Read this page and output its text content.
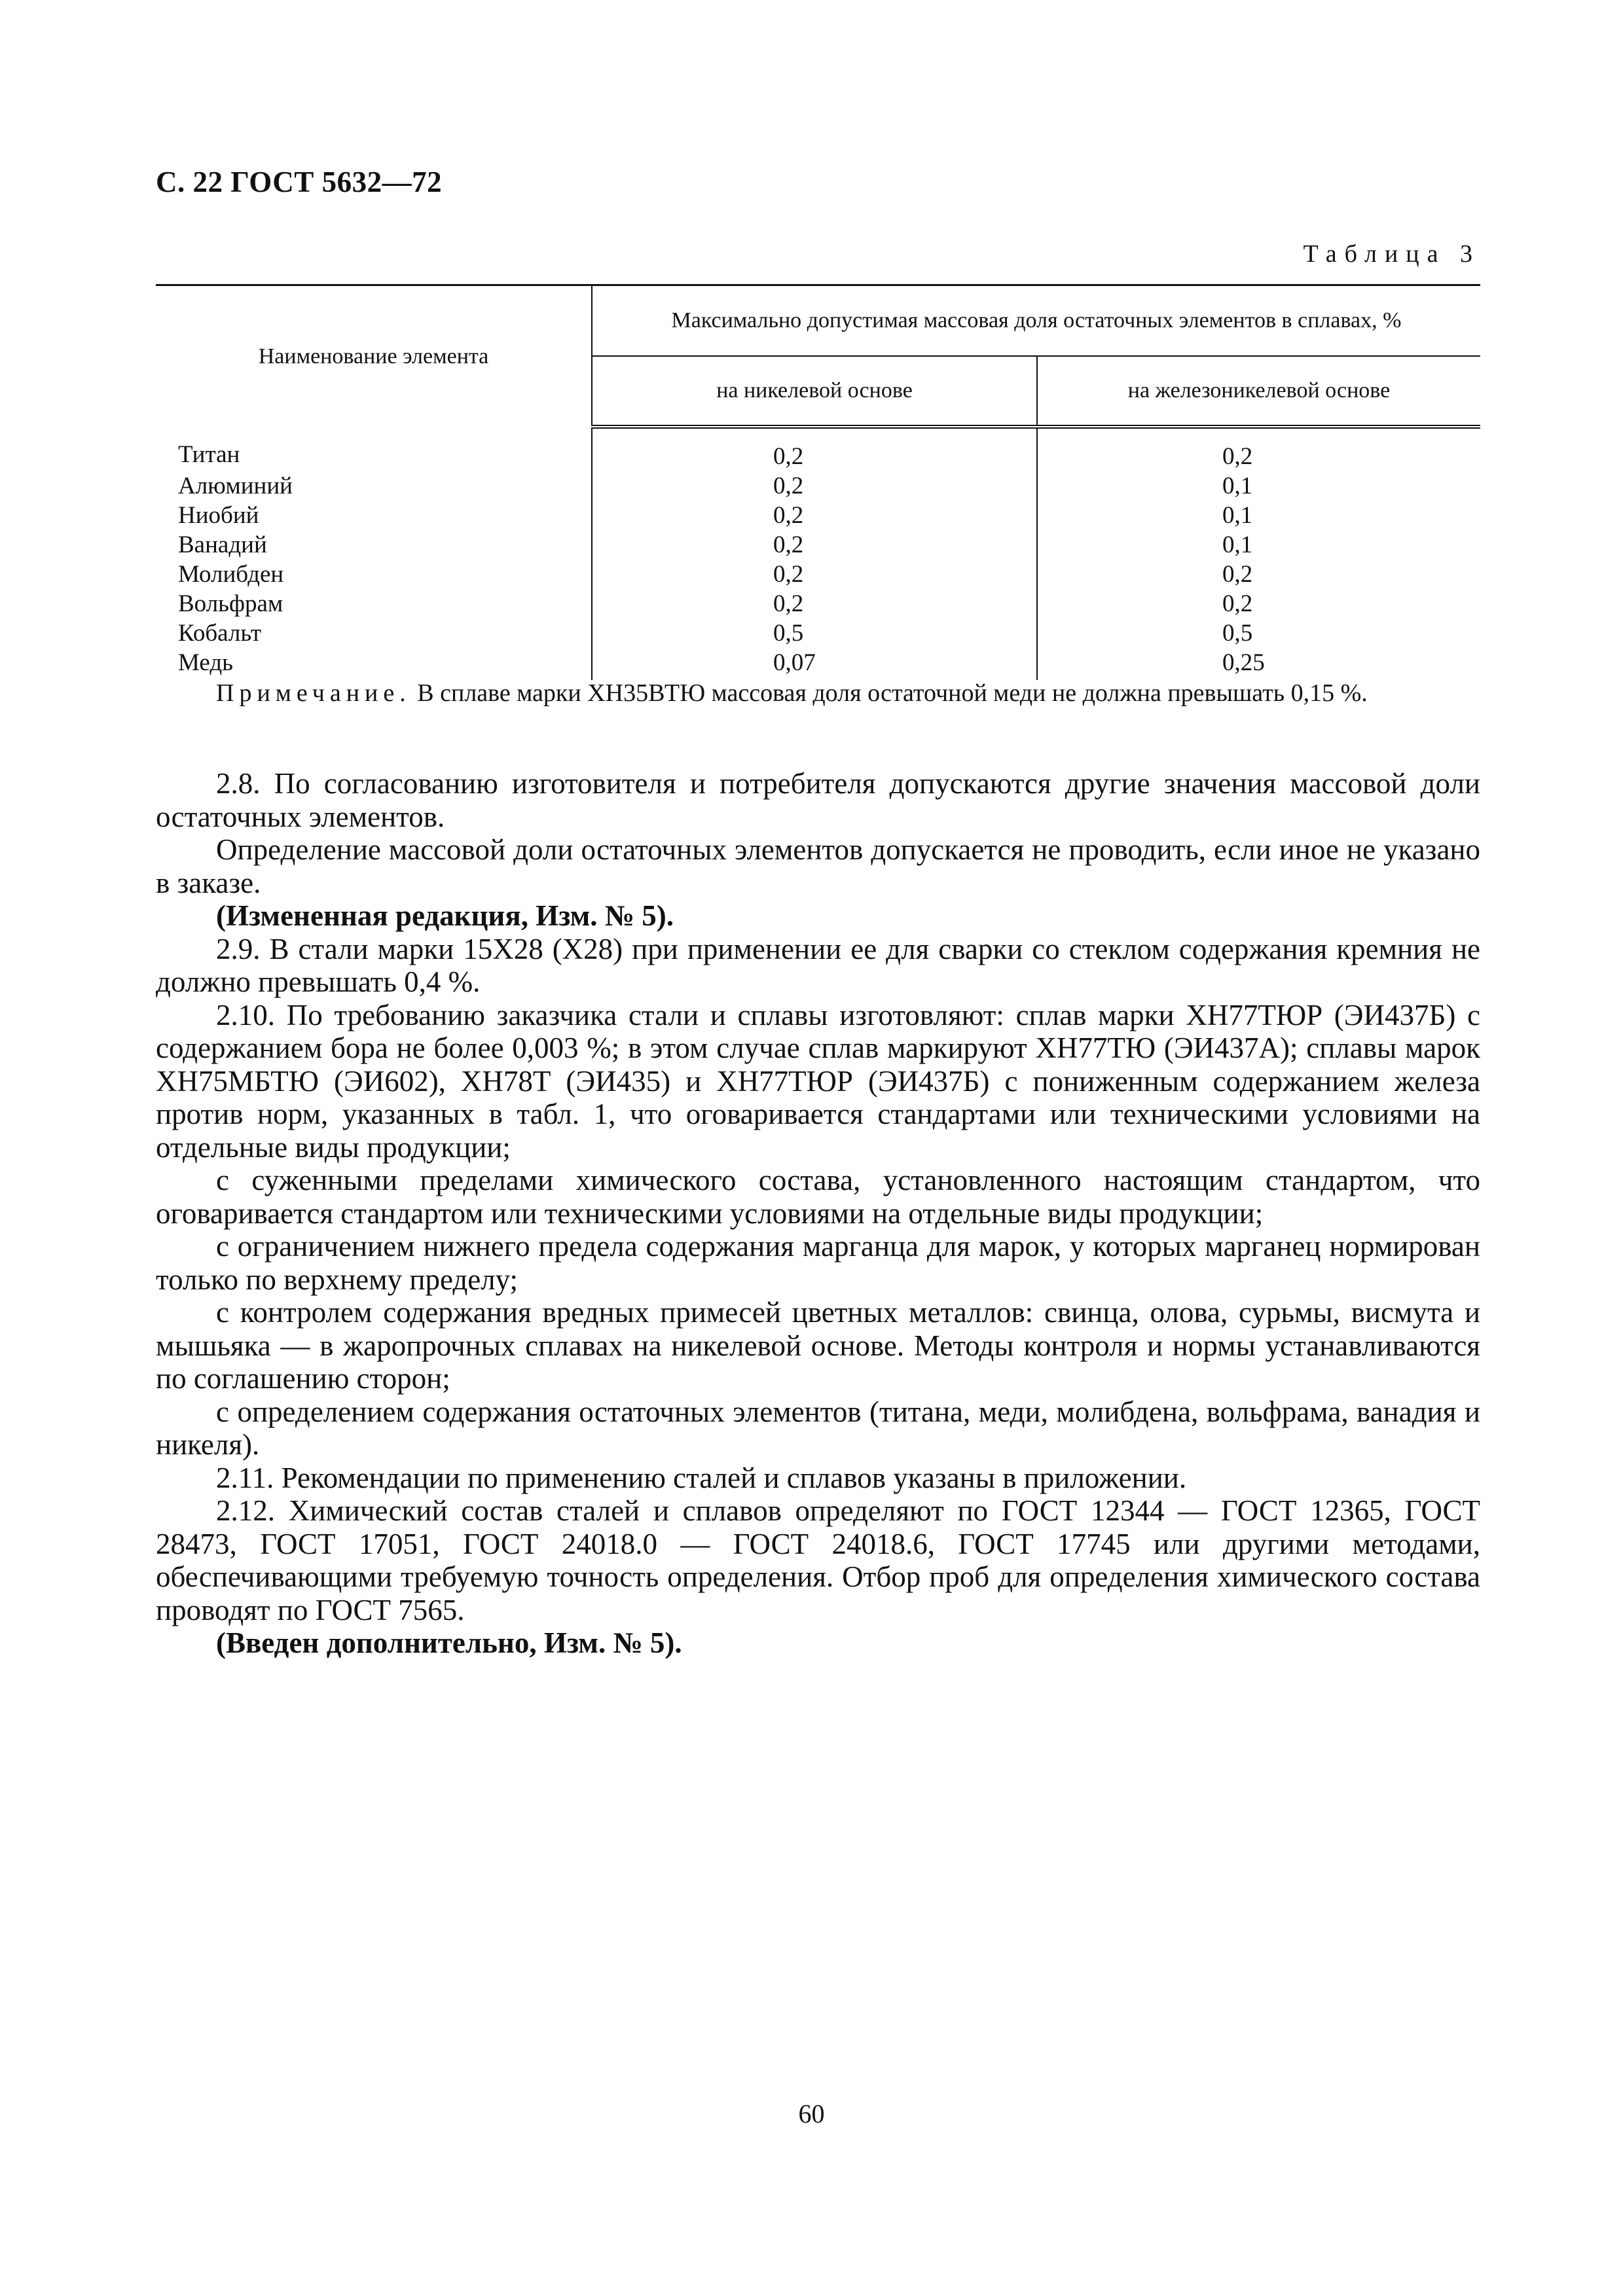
С. 22 ГОСТ 5632—72
Таблица 3
Наименование элемента	Максимально допустимая массовая доля остаточных элементов в сплавах, %	
	на никелевой основе	на железоникелевой основе
Титан	0,2	0,2
Алюминий	0,2	0,1
Ниобий	0,2	0,1
Ванадий	0,2	0,1
Молибден	0,2	0,2
Вольфрам	0,2	0,2
Кобальт	0,5	0,5
Медь	0,07	0,25
Примечание. В сплаве марки ХН35ВТЮ массовая доля остаточной меди не должна превышать 0,15 %.

2.8. По согласованию изготовителя и потребителя допускаются другие значения массовой доли остаточных элементов.

Определение массовой доли остаточных элементов допускается не проводить, если иное не указано в заказе.

(Измененная редакция, Изм. № 5).

2.9. В стали марки 15Х28 (Х28) при применении ее для сварки со стеклом содержания кремния не должно превышать 0,4 %.

2.10. По требованию заказчика стали и сплавы изготовляют: сплав марки ХН77ТЮР (ЭИ437Б) с содержанием бора не более 0,003 %; в этом случае сплав маркируют ХН77ТЮ (ЭИ437А); сплавы марок ХН75МБТЮ (ЭИ602), ХН78Т (ЭИ435) и ХН77ТЮР (ЭИ437Б) с пониженным содержанием железа против норм, указанных в табл. 1, что оговаривается стандартами или техническими условиями на отдельные виды продукции;

с суженными пределами химического состава, установленного настоящим стандартом, что оговаривается стандартом или техническими условиями на отдельные виды продукции;

с ограничением нижнего предела содержания марганца для марок, у которых марганец нормирован только по верхнему пределу;

с контролем содержания вредных примесей цветных металлов: свинца, олова, сурьмы, висмута и мышьяка — в жаропрочных сплавах на никелевой основе. Методы контроля и нормы устанавливаются по соглашению сторон;

с определением содержания остаточных элементов (титана, меди, молибдена, вольфрама, ванадия и никеля).

2.11. Рекомендации по применению сталей и сплавов указаны в приложении.

2.12. Химический состав сталей и сплавов определяют по ГОСТ 12344 — ГОСТ 12365, ГОСТ 28473, ГОСТ 17051, ГОСТ 24018.0 — ГОСТ 24018.6, ГОСТ 17745 или другими методами, обеспечивающими требуемую точность определения. Отбор проб для определения химического состава проводят по ГОСТ 7565.

(Введен дополнительно, Изм. № 5).

60
